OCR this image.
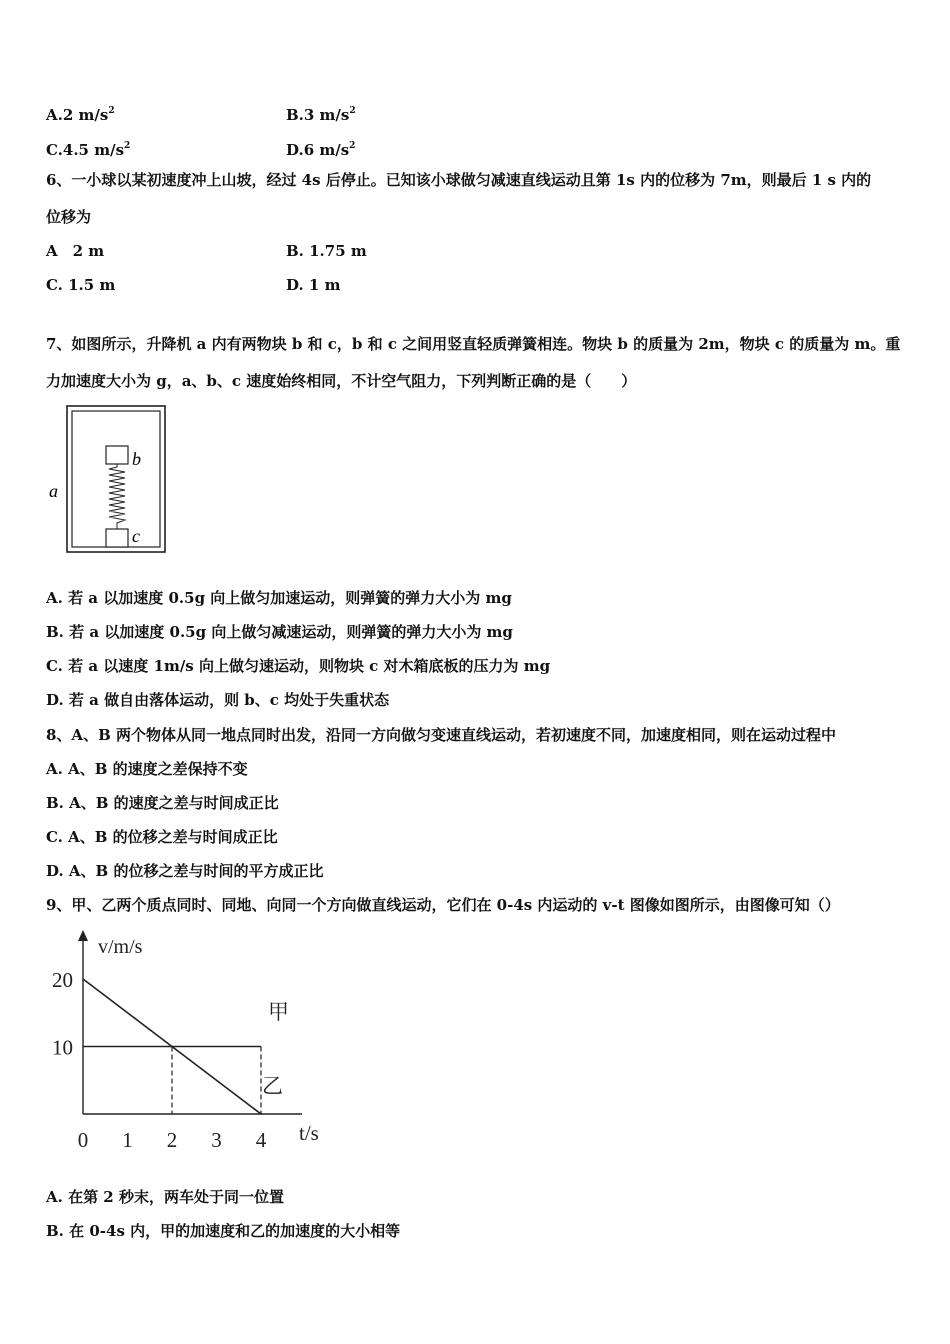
A.2 $m/s^2$	B.3 $m/s^2$
C.4.5 $m/s^2$	D.6 $m/s^2$
6、一小球以某初速度冲上山坡，经过 4s 后停止。已知该小球做匀减速直线运动且第 1s 内的位移为 7m，则最后 1 s 内的
位移为
A　2 m	B. 1.75 m
C. 1.5 m	D. 1 m
7、如图所示，升降机 a 内有两物块 b 和 c，b 和 c 之间用竖直轻质弹簧相连。物块 b 的质量为 2m，物块 c 的质量为 m。重
力加速度大小为 g，a、b、c 速度始终相同，不计空气阻力，下列判断正确的是（　　）
a
b
c
A. 若 a 以加速度 0.5g 向上做匀加速运动，则弹簧的弹力大小为 mg
B. 若 a 以加速度 0.5g 向上做匀减速运动，则弹簧的弹力大小为 mg
C. 若 a 以速度 1m/s 向上做匀速运动，则物块 c 对木箱底板的压力为 mg
D. 若 a 做自由落体运动，则 b、c 均处于失重状态
8、A、B 两个物体从同一地点同时出发，沿同一方向做匀变速直线运动，若初速度不同，加速度相同，则在运动过程中
A. A、B 的速度之差保持不变
B. A、B 的速度之差与时间成正比
C. A、B 的位移之差与时间成正比
D. A、B 的位移之差与时间的平方成正比
9、甲、乙两个质点同时、同地、向同一个方向做直线运动，它们在 0-4s 内运动的 v-t 图像如图所示，由图像可知（）
v/m/s
t/s
0 1 2 3 4
10
20
甲
乙
A. 在第 2 秒末，两车处于同一位置
B. 在 0-4s 内，甲的加速度和乙的加速度的大小相等
